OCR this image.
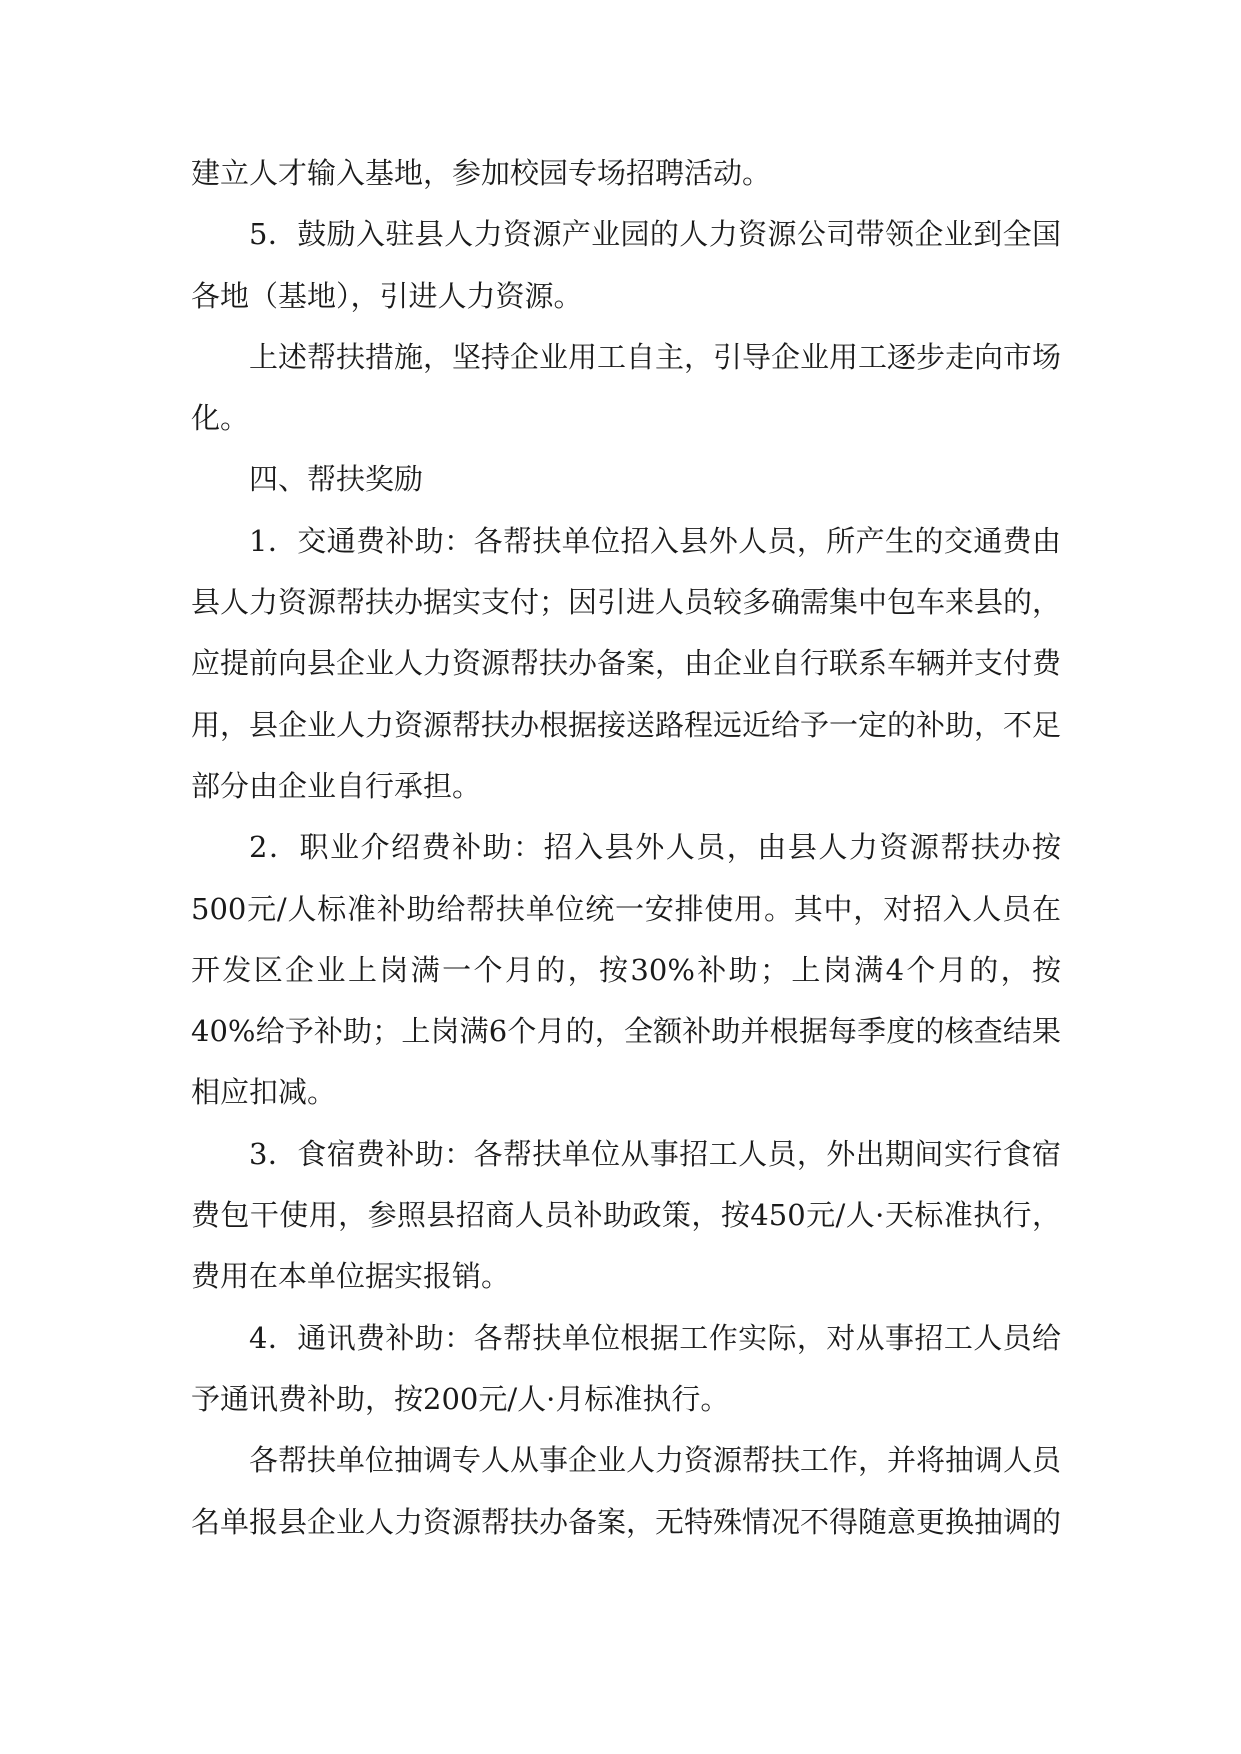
建立人才输入基地，参加校园专场招聘活动。

5．鼓励入驻县人力资源产业园的人力资源公司带领企业到全国各地（基地），引进人力资源。

上述帮扶措施，坚持企业用工自主，引导企业用工逐步走向市场化。

四、帮扶奖励

1．交通费补助：各帮扶单位招入县外人员，所产生的交通费由县人力资源帮扶办据实支付；因引进人员较多确需集中包车来县的，应提前向县企业人力资源帮扶办备案，由企业自行联系车辆并支付费用，县企业人力资源帮扶办根据接送路程远近给予一定的补助，不足部分由企业自行承担。

2．职业介绍费补助：招入县外人员，由县人力资源帮扶办按500元/人标准补助给帮扶单位统一安排使用。其中，对招入人员在开发区企业上岗满一个月的，按30%补助；上岗满4个月的，按40%给予补助；上岗满6个月的，全额补助并根据每季度的核查结果相应扣减。

3．食宿费补助：各帮扶单位从事招工人员，外出期间实行食宿费包干使用，参照县招商人员补助政策，按450元/人·天标准执行，费用在本单位据实报销。

4．通讯费补助：各帮扶单位根据工作实际，对从事招工人员给予通讯费补助，按200元/人·月标准执行。

各帮扶单位抽调专人从事企业人力资源帮扶工作，并将抽调人员名单报县企业人力资源帮扶办备案，无特殊情况不得随意更换抽调的
